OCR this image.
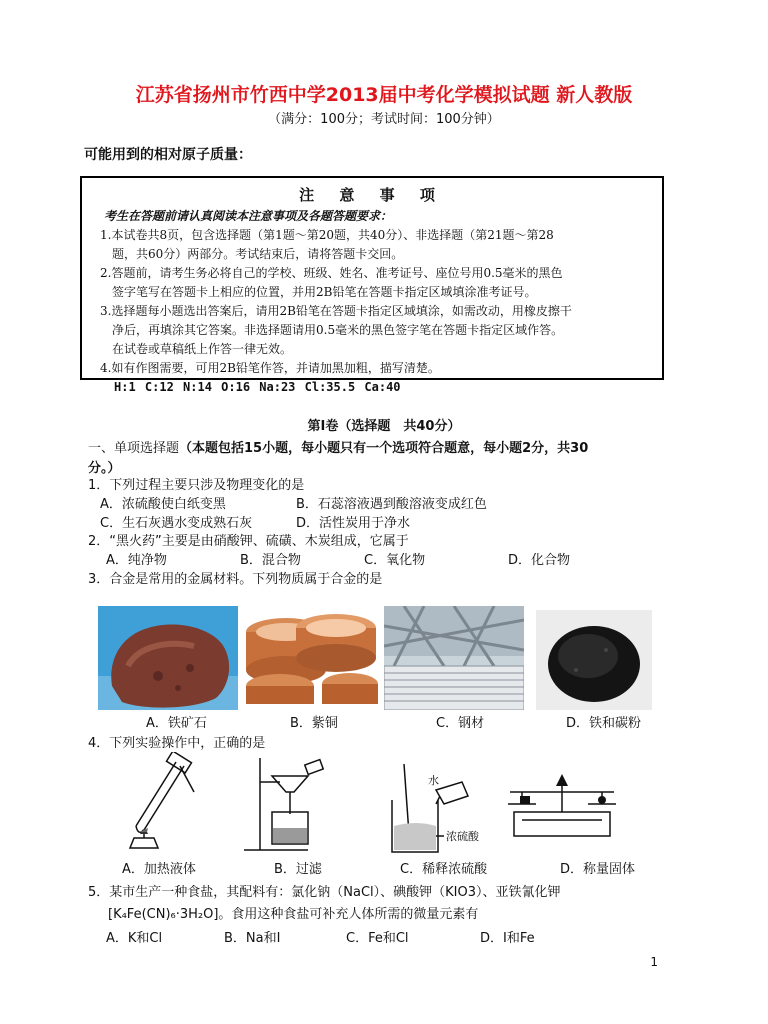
江苏省扬州市竹西中学2013届中考化学模拟试题 新人教版
（满分：100分；考试时间：100分钟）
可能用到的相对原子质量：
注 意 事 项
考生在答题前请认真阅读本注意事项及各题答题要求：
1.本试卷共8页，包含选择题（第1题～第20题，共40分）、非选择题（第21题～第28
题，共60分）两部分。考试结束后，请将答题卡交回。
2.答题前，请考生务必将自己的学校、班级、姓名、准考证号、座位号用0.5毫米的黑色
签字笔写在答题卡上相应的位置，并用2B铅笔在答题卡指定区域填涂准考证号。
3.选择题每小题选出答案后，请用2B铅笔在答题卡指定区域填涂，如需改动，用橡皮擦干
净后，再填涂其它答案。非选择题请用0.5毫米的黑色签字笔在答题卡指定区域作答。
在试卷或草稿纸上作答一律无效。
4.如有作图需要，可用2B铅笔作答，并请加黑加粗，描写清楚。
H:1 C:12 N:14 O:16 Na:23 Cl:35.5 Ca:40
第Ⅰ卷（选择题　共40分）
一、单项选择题（本题包括15小题，每小题只有一个选项符合题意，每小题2分，共30
分。）
1．下列过程主要只涉及物理变化的是
A．浓硫酸使白纸变黑	B．石蕊溶液遇到酸溶液变成红色
C．生石灰遇水变成熟石灰	D．活性炭用于净水
2．“黑火药”主要是由硝酸钾、硫磺、木炭组成，它属于
A．纯净物	B．混合物	C．氧化物	D．化合物
3．合金是常用的金属材料。下列物质属于合金的是
A．铁矿石	B．紫铜	C．钢材	D．铁和碳粉
4．下列实验操作中，正确的是
水
浓硫酸
A．加热液体	B．过滤	C．稀释浓硫酸	D．称量固体
5．某市生产一种食盐，其配料有：氯化钠（NaCl）、碘酸钾（KIO3）、亚铁氰化钾
[K₄Fe(CN)₆·3H₂O]。食用这种食盐可补充人体所需的微量元素有
A．K和Cl	B．Na和I	C．Fe和Cl	D．I和Fe
1
